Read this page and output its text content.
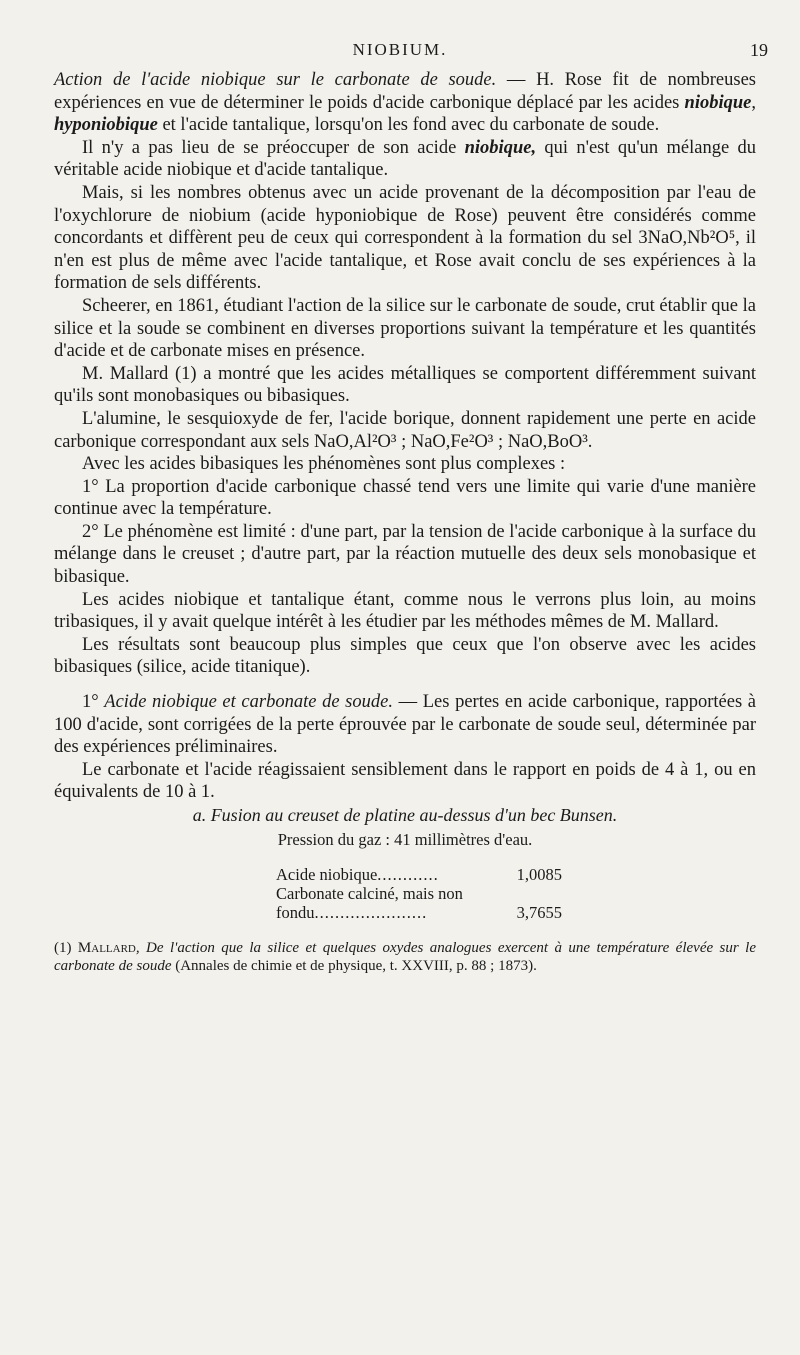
NIOBIUM.	19

Action de l'acide niobique sur le carbonate de soude. — H. Rose fit de nombreuses expériences en vue de déterminer le poids d'acide carbonique déplacé par les acides niobique, hyponiobique et l'acide tantalique, lorsqu'on les fond avec du carbonate de soude.

Il n'y a pas lieu de se préoccuper de son acide niobique, qui n'est qu'un mélange du véritable acide niobique et d'acide tantalique.

Mais, si les nombres obtenus avec un acide provenant de la décomposition par l'eau de l'oxychlorure de niobium (acide hyponiobique de Rose) peuvent être considérés comme concordants et diffèrent peu de ceux qui correspondent à la formation du sel 3NaO,Nb²O⁵, il n'en est plus de même avec l'acide tantalique, et Rose avait conclu de ses expériences à la formation de sels différents.

Scheerer, en 1861, étudiant l'action de la silice sur le carbonate de soude, crut établir que la silice et la soude se combinent en diverses proportions suivant la température et les quantités d'acide et de carbonate mises en présence.

M. Mallard (1) a montré que les acides métalliques se comportent différemment suivant qu'ils sont monobasiques ou bibasiques.

L'alumine, le sesquioxyde de fer, l'acide borique, donnent rapidement une perte en acide carbonique correspondant aux sels NaO,Al²O³ ; NaO,Fe²O³ ; NaO,BoO³.

Avec les acides bibasiques les phénomènes sont plus complexes :

1° La proportion d'acide carbonique chassé tend vers une limite qui varie d'une manière continue avec la température.

2° Le phénomène est limité : d'une part, par la tension de l'acide carbonique à la surface du mélange dans le creuset ; d'autre part, par la réaction mutuelle des deux sels monobasique et bibasique.

Les acides niobique et tantalique étant, comme nous le verrons plus loin, au moins tribasiques, il y avait quelque intérêt à les étudier par les méthodes mêmes de M. Mallard.

Les résultats sont beaucoup plus simples que ceux que l'on observe avec les acides bibasiques (silice, acide titanique).

1° Acide niobique et carbonate de soude. — Les pertes en acide carbonique, rapportées à 100 d'acide, sont corrigées de la perte éprouvée par le carbonate de soude seul, déterminée par des expériences préliminaires.

Le carbonate et l'acide réagissaient sensiblement dans le rapport en poids de 4 à 1, ou en équivalents de 10 à 1.

a. Fusion au creuset de platine au-dessus d'un bec Bunsen.

Pression du gaz : 41 millimètres d'eau.
Acide niobique............	1,0085
Carbonate calciné, mais non	
fondu......................	3,7655
(1) Mallard, De l'action que la silice et quelques oxydes analogues exercent à une température élevée sur le carbonate de soude (Annales de chimie et de physique, t. XXVIII, p. 88 ; 1873).
